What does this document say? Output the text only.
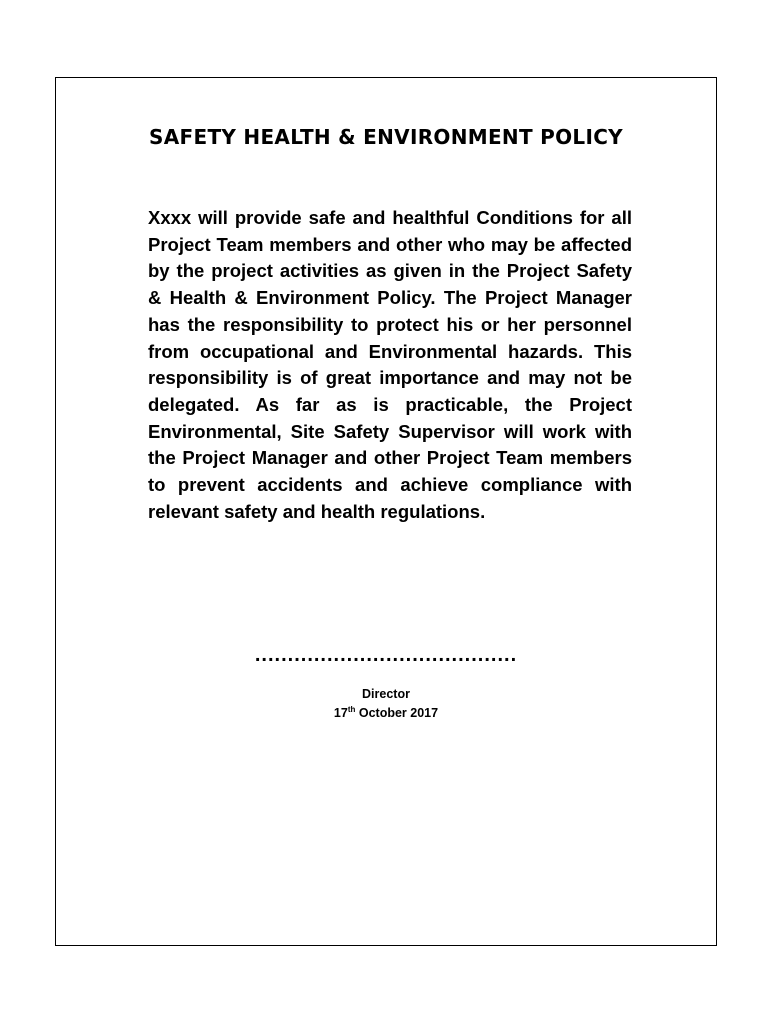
SAFETY HEALTH & ENVIRONMENT POLICY

Xxxx will provide safe and healthful Conditions for all Project Team members and other who may be affected by the project activities as given in the Project Safety & Health & Environment Policy. The Project Manager has the responsibility to protect his or her personnel from occupational and Environmental hazards. This responsibility is of great importance and may not be delegated. As far as is practicable, the Project Environmental, Site Safety Supervisor will work with the Project Manager and other Project Team members to prevent accidents and achieve compliance with relevant safety and health regulations.

........................................
Director
17th October 2017
